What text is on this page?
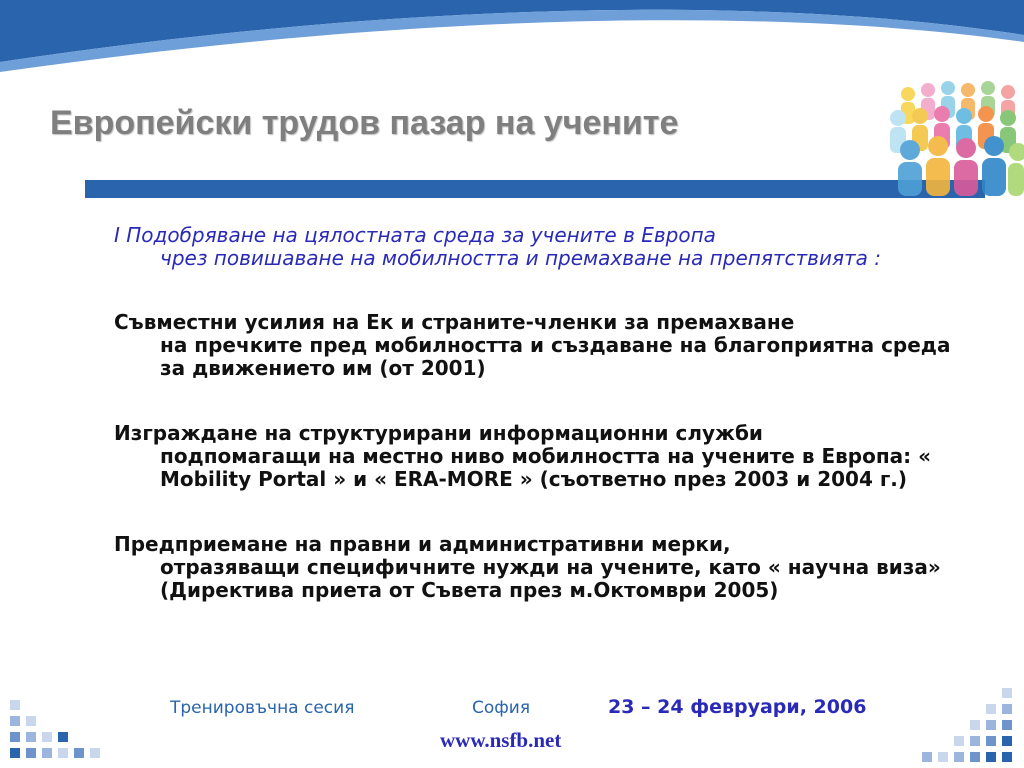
Европейски трудов пазар на учените

I Подобряване на цялостната среда за учените в Европа
чрез повишаване на мобилността и премахване на препятствията :

Съвместни усилия на Ек и страните-членки за премахване
на пречките пред мобилността и създаване на благоприятна среда за движението им (от 2001)

Изграждане на структурирани информационни служби
подпомагащи на местно ниво мобилността на учените в Европа: « Mobility Portal » и « ERA-MORE » (съответно през 2003 и 2004 г.)

Предприемане на правни и административни мерки,
отразяващи специфичните нужди на учените, като « научна виза» (Директива приета от Съвета през м.Октомври 2005)

Тренировъчна сесия	София	23 – 24 февруари, 2006
www.nsfb.net
